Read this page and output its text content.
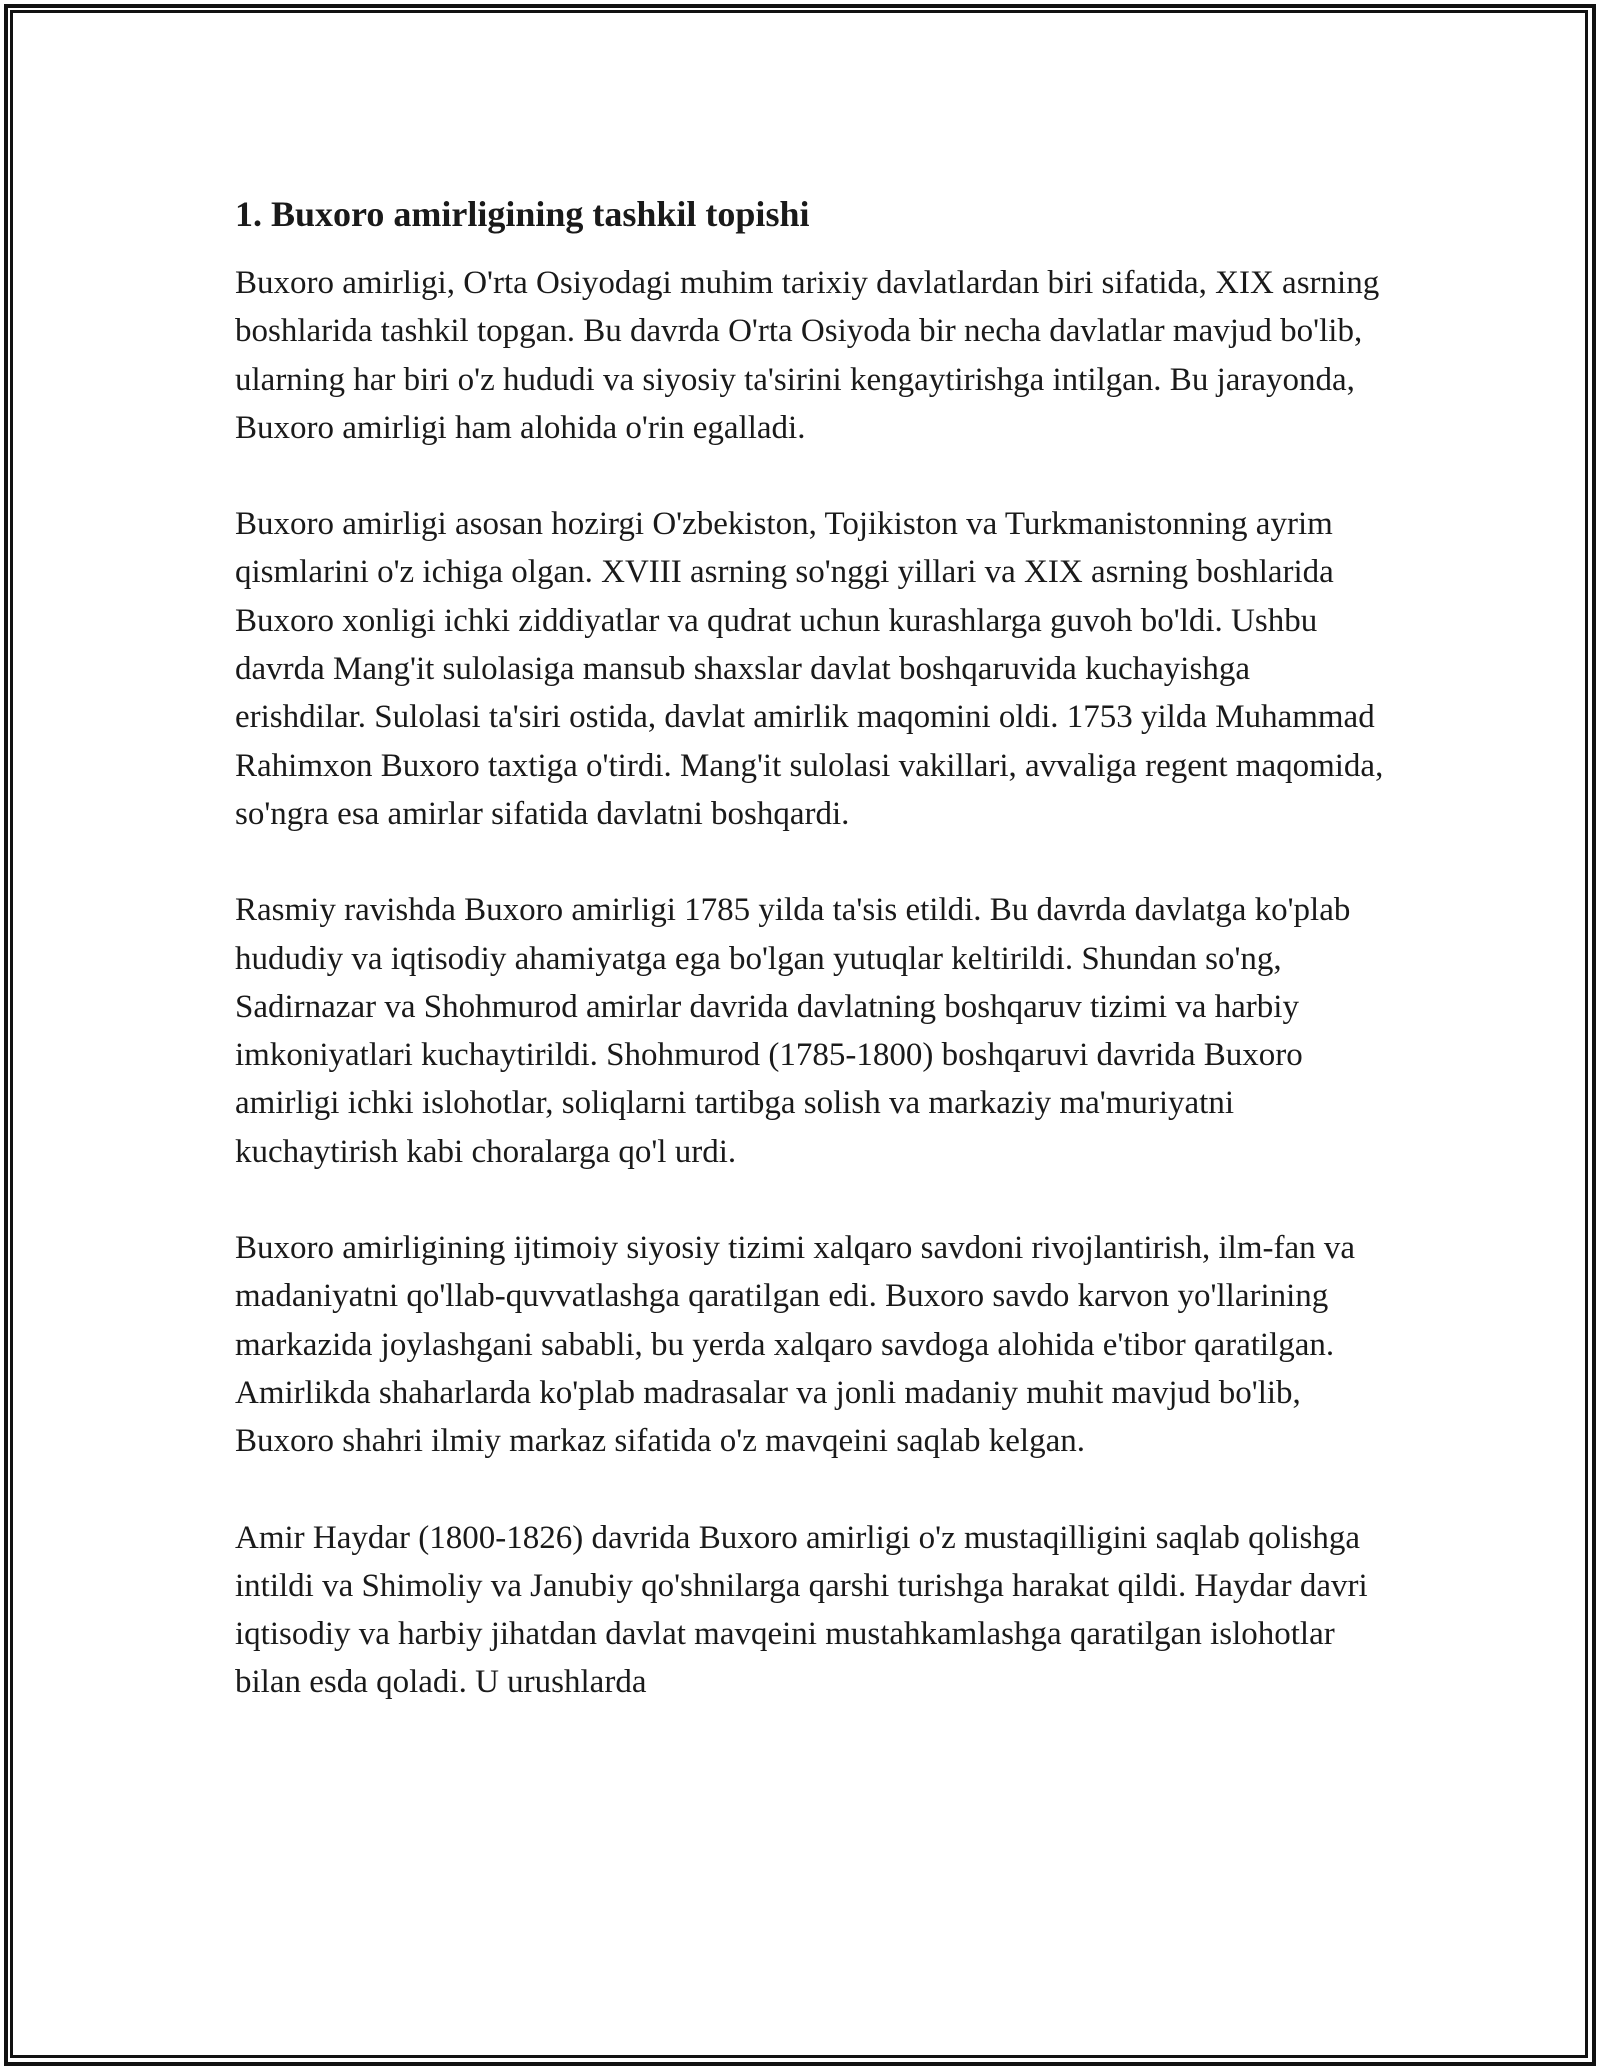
1. Buxoro amirligining tashkil topishi

Buxoro amirligi, O'rta Osiyodagi muhim tarixiy davlatlardan biri sifatida, XIX asrning boshlarida tashkil topgan. Bu davrda O'rta Osiyoda bir necha davlatlar mavjud bo'lib, ularning har biri o'z hududi va siyosiy ta'sirini kengaytirishga intilgan. Bu jarayonda, Buxoro amirligi ham alohida o'rin egalladi.

Buxoro amirligi asosan hozirgi O'zbekiston, Tojikiston va Turkmanistonning ayrim qismlarini o'z ichiga olgan. XVIII asrning so'nggi yillari va XIX asrning boshlarida Buxoro xonligi ichki ziddiyatlar va qudrat uchun kurashlarga guvoh bo'ldi. Ushbu davrda Mang'it sulolasiga mansub shaxslar davlat boshqaruvida kuchayishga erishdilar. Sulolasi ta'siri ostida, davlat amirlik maqomini oldi. 1753 yilda Muhammad Rahimxon Buxoro taxtiga o'tirdi. Mang'it sulolasi vakillari, avvaliga regent maqomida, so'ngra esa amirlar sifatida davlatni boshqardi.

Rasmiy ravishda Buxoro amirligi 1785 yilda ta'sis etildi. Bu davrda davlatga ko'plab hududiy va iqtisodiy ahamiyatga ega bo'lgan yutuqlar keltirildi. Shundan so'ng, Sadirnazar va Shohmurod amirlar davrida davlatning boshqaruv tizimi va harbiy imkoniyatlari kuchaytirildi. Shohmurod (1785-1800) boshqaruvi davrida Buxoro amirligi ichki islohotlar, soliqlarni tartibga solish va markaziy ma'muriyatni kuchaytirish kabi choralarga qo'l urdi.

Buxoro amirligining ijtimoiy siyosiy tizimi xalqaro savdoni rivojlantirish, ilm-fan va madaniyatni qo'llab-quvvatlashga qaratilgan edi. Buxoro savdo karvon yo'llarining markazida joylashgani sababli, bu yerda xalqaro savdoga alohida e'tibor qaratilgan. Amirlikda shaharlarda ko'plab madrasalar va jonli madaniy muhit mavjud bo'lib, Buxoro shahri ilmiy markaz sifatida o'z mavqeini saqlab kelgan.

Amir Haydar (1800-1826) davrida Buxoro amirligi o'z mustaqilligini saqlab qolishga intildi va Shimoliy va Janubiy qo'shnilarga qarshi turishga harakat qildi. Haydar davri iqtisodiy va harbiy jihatdan davlat mavqeini mustahkamlashga qaratilgan islohotlar bilan esda qoladi. U urushlarda
